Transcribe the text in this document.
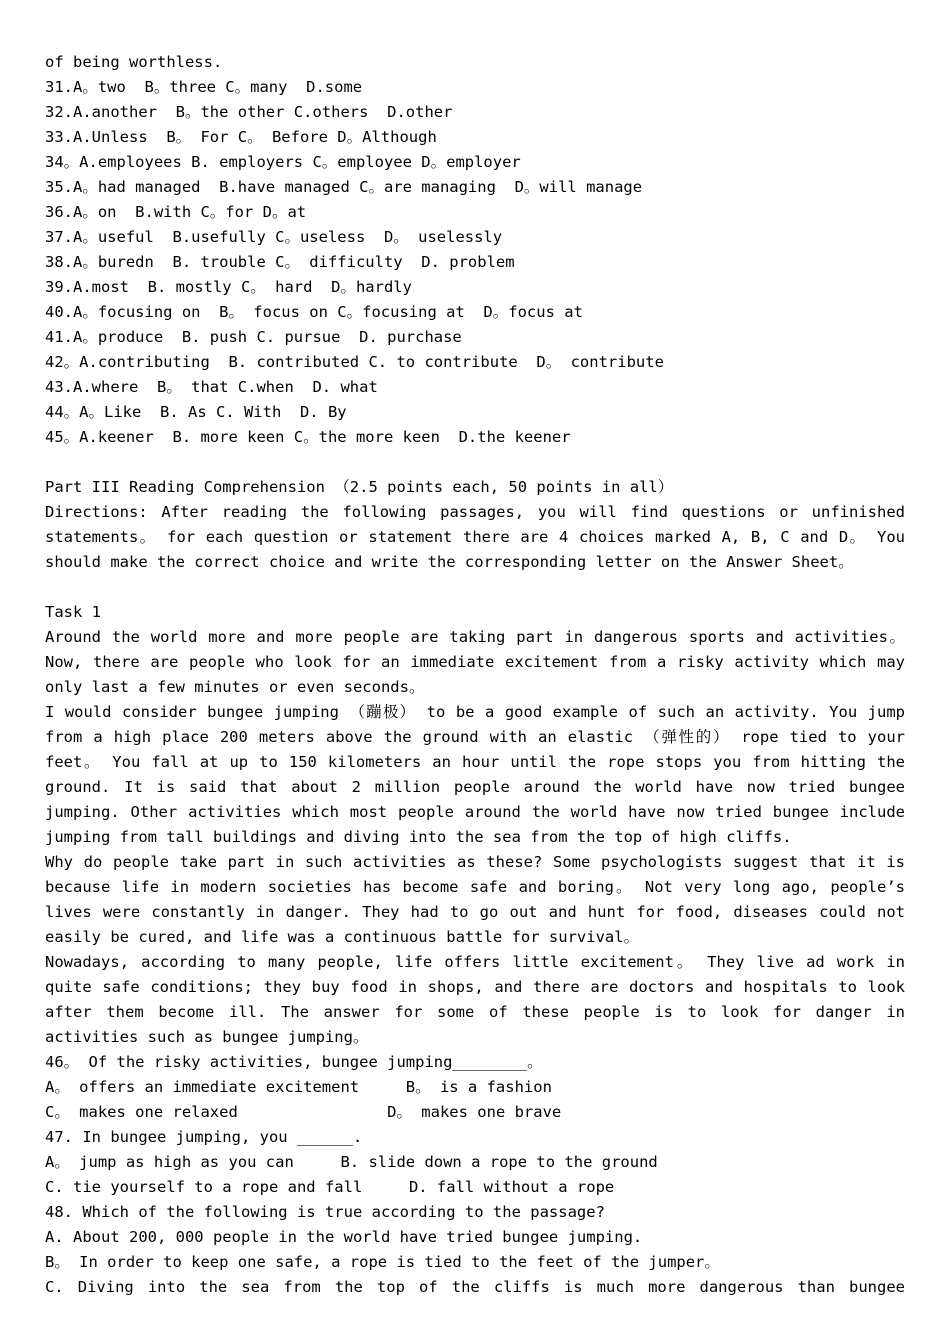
of being worthless.
31.A。two  B。three C。many  D.some
32.A.another  B。the other C.others  D.other
33.A.Unless  B。 For C。 Before D。Although
34。A.employees B. employers C。employee D。employer
35.A。had managed  B.have managed C。are managing  D。will manage
36.A。on  B.with C。for D。at
37.A。useful  B.usefully C。useless  D。 uselessly
38.A。buredn  B. trouble C。 difficulty  D. problem
39.A.most  B. mostly C。 hard  D。hardly
40.A。focusing on  B。 focus on C。focusing at  D。focus at
41.A。produce  B. push C. pursue  D. purchase
42。A.contributing  B. contributed C. to contribute  D。 contribute
43.A.where  B。 that C.when  D. what
44。A。Like  B. As C. With  D. By
45。A.keener  B. more keen C。the more keen  D.the keener
Part III Reading Comprehension （2.5 points each, 50 points in all）
Directions: After reading the following passages, you will find questions or unfinished statements。 for each question or statement there are 4 choices marked A, B, C and D。 You should make the correct choice and write the corresponding letter on the Answer Sheet。
Task 1
Around the world more and more people are taking part in dangerous sports and activities。 Now, there are people who look for an immediate excitement from a risky activity which may only last a few minutes or even seconds。
I would consider bungee jumping （蹦极） to be a good example of such an activity. You jump from a high place 200 meters above the ground with an elastic （弹性的） rope tied to your feet。 You fall at up to 150 kilometers an hour until the rope stops you from hitting the ground. It is said that about 2 million people around the world have now tried bungee jumping. Other activities which most people around the world have now tried bungee include jumping from tall buildings and diving into the sea from the top of high cliffs.
Why do people take part in such activities as these? Some psychologists suggest that it is because life in modern societies has become safe and boring。 Not very long ago, people’s lives were constantly in danger. They had to go out and hunt for food, diseases could not easily be cured, and life was a continuous battle for survival。
Nowadays, according to many people, life offers little excitement。 They live ad work in quite safe conditions; they buy food in shops, and there are doctors and hospitals to look after them become ill. The answer for some of these people is to look for danger in activities such as bungee jumping。
46。 Of the risky activities, bungee jumping________。
A。 offers an immediate excitement     B。 is a fashion
C。 makes one relaxed                D。 makes one brave
47. In bungee jumping, you ______.
A。 jump as high as you can     B. slide down a rope to the ground
C. tie yourself to a rope and fall     D. fall without a rope
48. Which of the following is true according to the passage?
A. About 200, 000 people in the world have tried bungee jumping.
B。 In order to keep one safe, a rope is tied to the feet of the jumper。
C. Diving into the sea from the top of the cliffs is much more dangerous than bungee
